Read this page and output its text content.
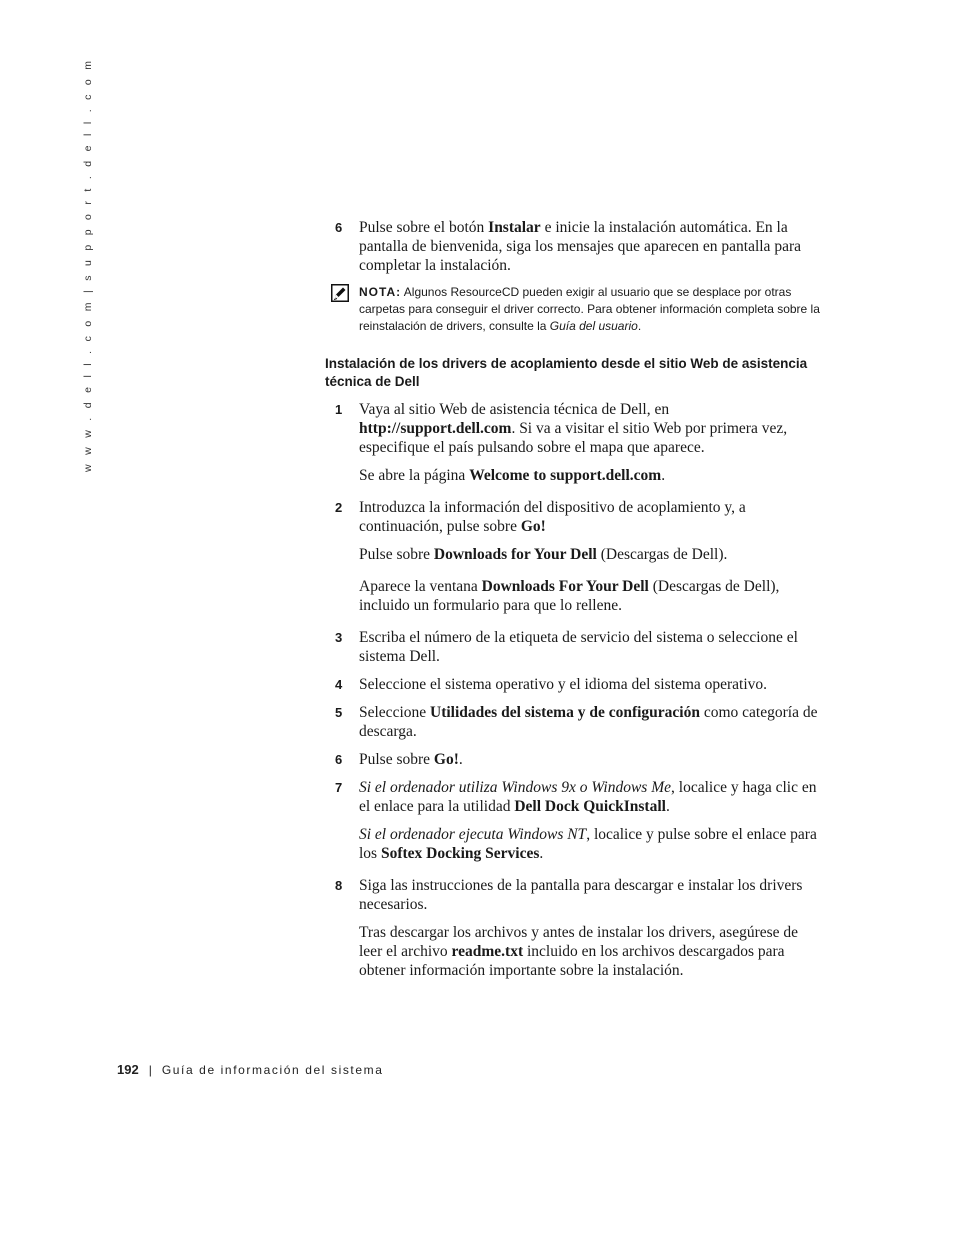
w w w . d e l l . c o m | s u p p o r t . d e l l . c o m	6 Pulse sobre el botón Instalar e inicie la instalación automática. En la pantalla de bienvenida, siga los mensajes que aparecen en pantalla para completar la instalación.

NOTA: Algunos ResourceCD pueden exigir al usuario que se desplace por otras carpetas para conseguir el driver correcto. Para obtener información completa sobre la reinstalación de drivers, consulte la Guía del usuario.

Instalación de los drivers de acoplamiento desde el sitio Web de asistencia técnica de Dell

1 Vaya al sitio Web de asistencia técnica de Dell, en http://support.dell.com. Si va a visitar el sitio Web por primera vez, especifique el país pulsando sobre el mapa que aparece.

Se abre la página Welcome to support.dell.com.

2 Introduzca la información del dispositivo de acoplamiento y, a continuación, pulse sobre Go!

Pulse sobre Downloads for Your Dell (Descargas de Dell).

Aparece la ventana Downloads For Your Dell (Descargas de Dell), incluido un formulario para que lo rellene.

3 Escriba el número de la etiqueta de servicio del sistema o seleccione el sistema Dell.

4 Seleccione el sistema operativo y el idioma del sistema operativo.

5 Seleccione Utilidades del sistema y de configuración como categoría de descarga.

6 Pulse sobre Go!.

7 Si el ordenador utiliza Windows 9x o Windows Me, localice y haga clic en el enlace para la utilidad Dell Dock QuickInstall.

Si el ordenador ejecuta Windows NT, localice y pulse sobre el enlace para los Softex Docking Services.

8 Siga las instrucciones de la pantalla para descargar e instalar los drivers necesarios.

Tras descargar los archivos y antes de instalar los drivers, asegúrese de leer el archivo readme.txt incluido en los archivos descargados para obtener información importante sobre la instalación.

192 | Guía de información del sistema
